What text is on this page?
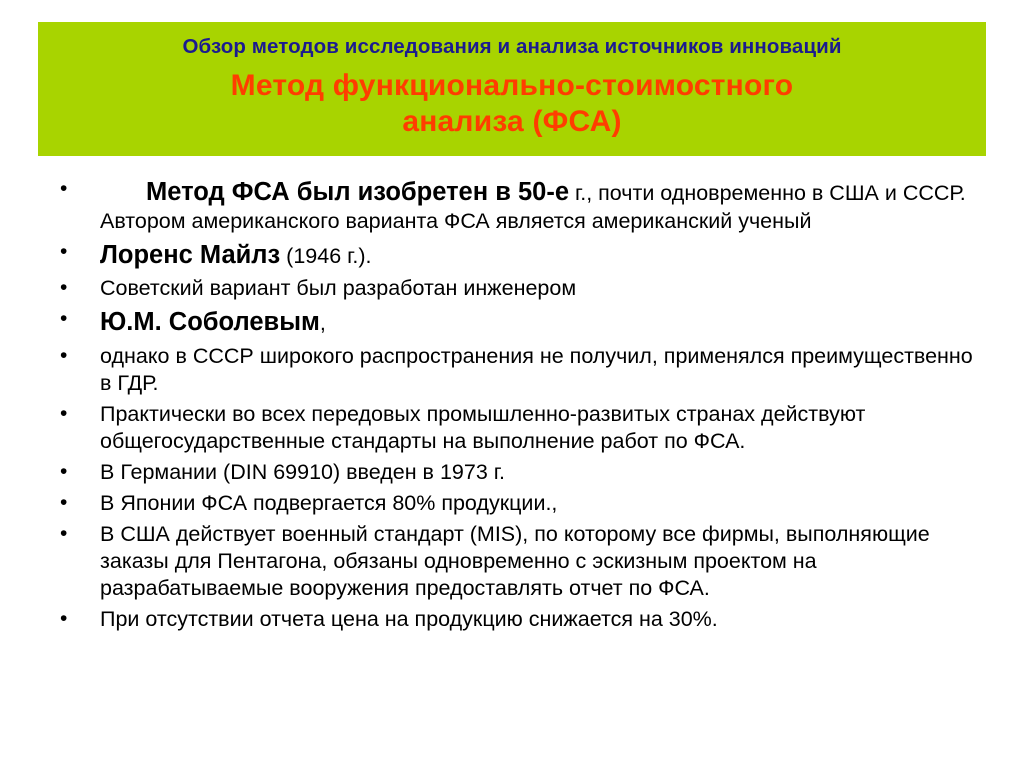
Обзор методов исследования и анализа источников инноваций
Метод функционально-стоимостного
анализа (ФСА)
•	Метод ФСА был изобретен в 50-е г., почти одновременно в США и СССР. Автором американского варианта ФСА является американский ученый
• Лоренс Майлз (1946 г.).
• Советский вариант был разработан инженером
• Ю.М. Соболевым,
• однако в СССР широкого распространения не получил, применялся преимущественно в ГДР.
• Практически во всех передовых промышленно-развитых странах действуют общегосударственные стандарты на выполнение работ по ФСА.
• В Германии (DIN 69910) введен в 1973 г.
• В Японии ФСА подвергается 80% продукции.,
• В США действует военный стандарт (MIS), по которому все фирмы, выполняющие заказы для Пентагона, обязаны одновременно с эскизным проектом на разрабатываемые вооружения предоставлять отчет по ФСА.
• При отсутствии отчета цена на продукцию снижается на 30%.
